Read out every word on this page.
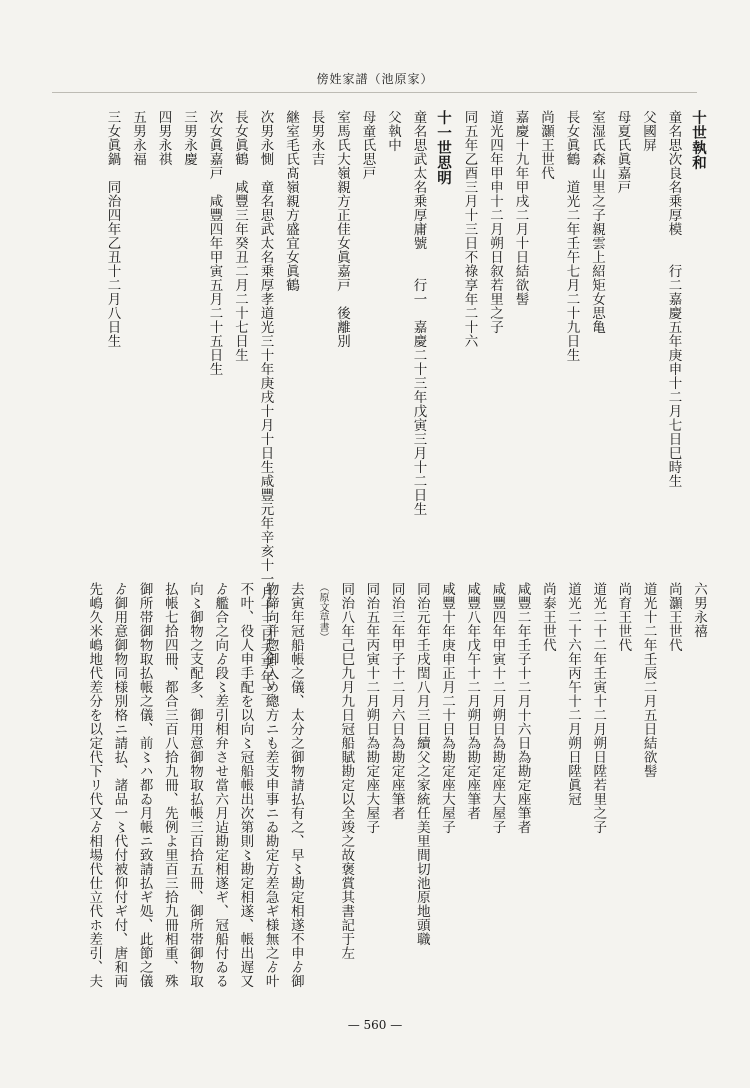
傍姓家譜（池原家）
十世執和
童名思次良名乗厚模　　行二嘉慶五年庚申十二月七日巳時生
父國屏
母夏氏眞嘉戸
室湿氏森山里之子親雲上紹矩女思亀
長女眞鶴　道光二年壬午七月二十九日生
尚灝王世代
嘉慶十九年甲戌二月十日結欲髻
道光四年甲申十二月朔日叙若里之子
同五年乙酉三月十三日不祿享年二十六
十一世思明
童名思武太名乗厚庸號　　行一　嘉慶二十三年戊寅三月十二日生
父執中
母童氏思戸
室馬氏大嶺親方正佳女眞嘉戸　後離別
長男永吉
継室毛氏髙嶺親方盛宜女眞鶴
次男永惻　童名思武太名乗厚孝道光三十年庚戌十月十日生咸豐元年辛亥十一月十三日夭享年二
長女眞鶴　咸豐三年癸丑二月二十七日生
次女眞嘉戸　咸豐四年甲寅五月二十五日生
三男永慶
四男永祺
五男永福
三女眞鍋　同治四年乙丑十二月八日生
六男永禧
尚灝王世代
道光十二年壬辰二月五日結欲髻
尚育王世代
道光二十二年壬寅十二月朔日陞若里之子
道光二十六年丙午十二月朔日陞眞冠
尚泰王世代
咸豐二年壬子十二月十六日為勘定座筆者
咸豐四年甲寅十二月朔日為勘定座大屋子
咸豐八年戊午十二月朔日為勘定座筆者
咸豐十年庚申正月二十日為勘定座大屋子
同治元年壬戌閏八月三日續父之家統任美里間切池原地頭職
同治三年甲子十二月六日為勘定座筆者
同治五年丙寅十二月朔日為勘定座大屋子
同治八年己巳九月九日冠船賦勘定以全竣之故褒賞其書記于左
（原文草書）
去寅年冠船帳之儀、太分之御物請払有之、早〻勘定相遂不申ゟ御
物締向并惣御入め總方ニも差支申事ニゐ勘定方差急ギ様無之ゟ叶
不叶、役人申手配を以向〻冠船帳出次第則〻勘定相遂、帳出遅又
ゟ艦合之向ゟ段〻差引相弁させ當六月迠勘定相遂ギ、冠船付ゐる
向〻御物之支配多、御用意御物取払帳三百拾五冊、御所帯御物取
払帳七拾四冊、都合三百八拾九冊、先例よ里百三拾九冊相重、殊
御所帯御物取払帳之儀、前〻ハ都ゐ月帳ニ致請払ギ処、此節之儀
ゟ御用意御物同様別格ニ請払、諸品一〻代付被仰付ギ付、唐和両
先嶋久米嶋地代差分を以定代下リ代又ゟ相場代仕立代ホ差引、夫
— 560 —
